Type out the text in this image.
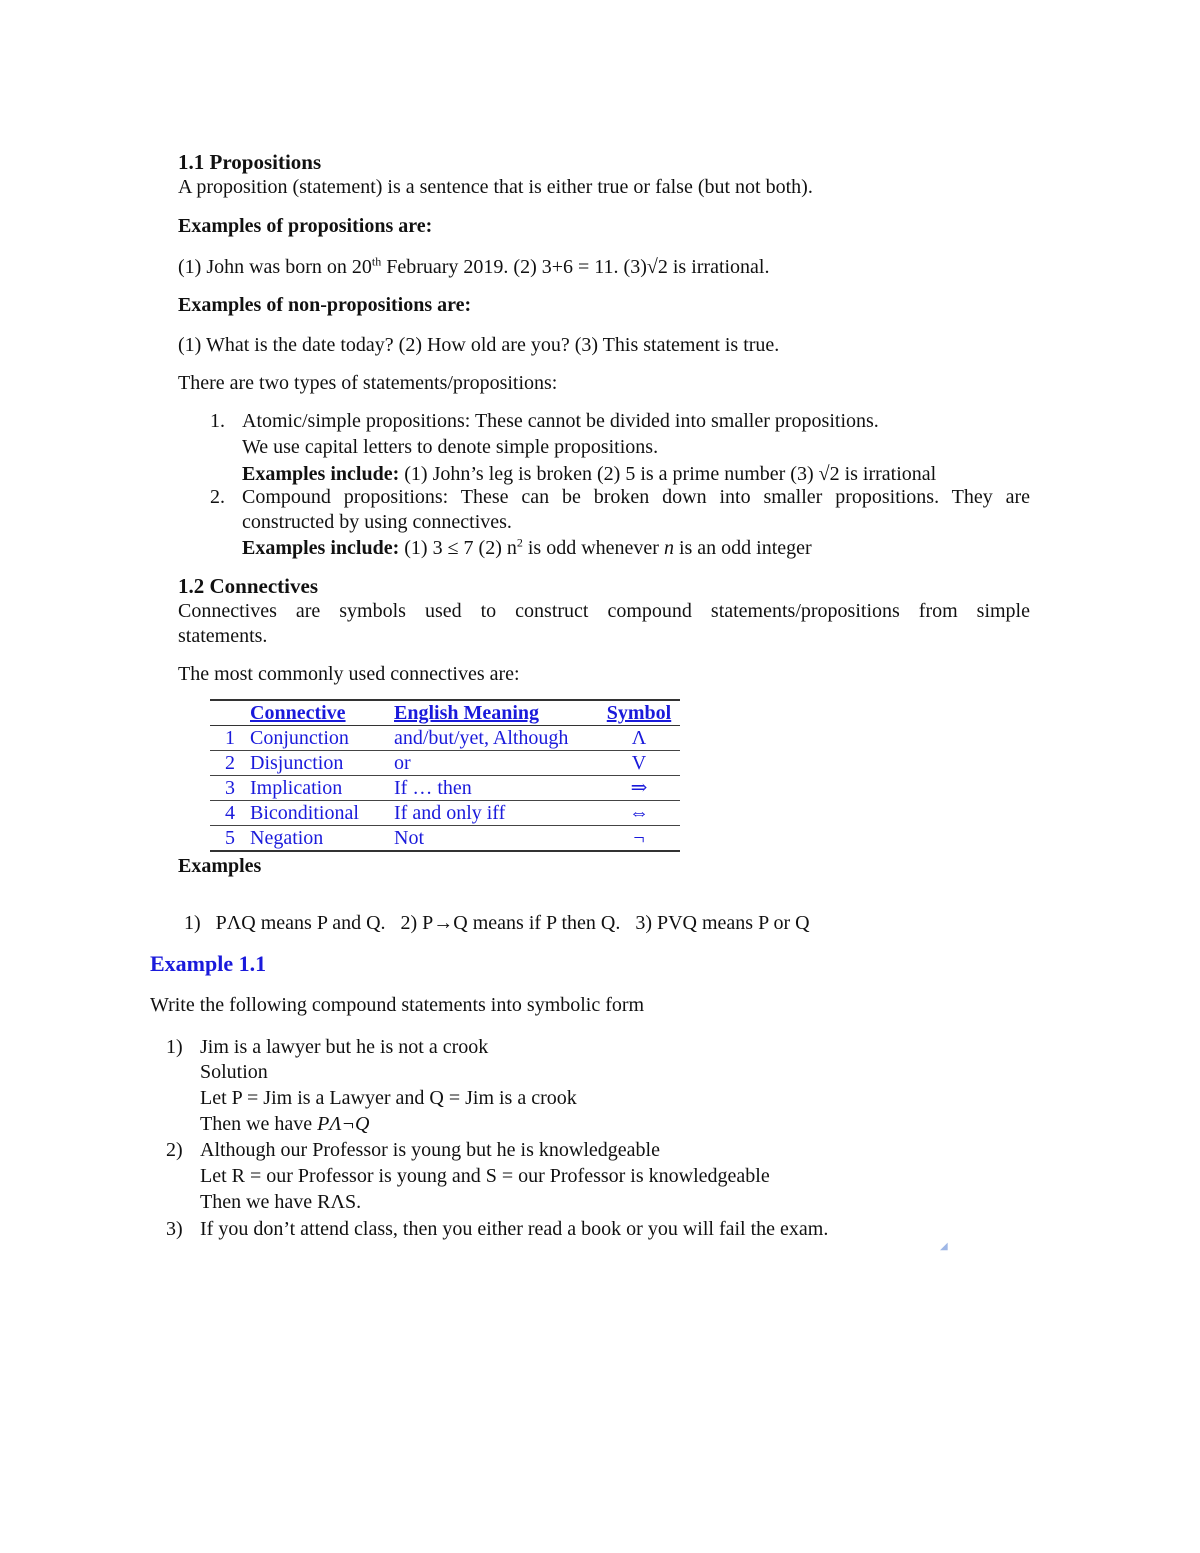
1.1 Propositions
A proposition (statement) is a sentence that is either true or false (but not both).
Examples of propositions are:
(1) John was born on 20th February 2019. (2) 3+6 = 11. (3)√2 is irrational.
Examples of non-propositions are:
(1) What is the date today? (2) How old are you? (3) This statement is true.
There are two types of statements/propositions:
1. Atomic/simple propositions: These cannot be divided into smaller propositions.
We use capital letters to denote simple propositions.
Examples include: (1) John’s leg is broken (2) 5 is a prime number (3) √2 is irrational
2. Compound propositions: These can be broken down into smaller propositions. They are
constructed by using connectives.
Examples include: (1) 3 ≤ 7 (2) $n^2$ is odd whenever n is an odd integer
1.2 Connectives
Connectives are symbols used to construct compound statements/propositions from simple
statements.
The most commonly used connectives are:
	Connective	English Meaning	Symbol
1	Conjunction	and/but/yet, Although	Λ
2	Disjunction	or	V
3	Implication	If … then	⇒
4	Biconditional	If and only iff	⇔
5	Negation	Not	¬
Examples
1)   PΛQ means P and Q.   2) P→Q means if P then Q.   3) PVQ means P or Q
Example 1.1
Write the following compound statements into symbolic form
1) Jim is a lawyer but he is not a crook
Solution
Let P = Jim is a Lawyer and Q = Jim is a crook
Then we have PΛ¬Q
2) Although our Professor is young but he is knowledgeable
Let R = our Professor is young and S = our Professor is knowledgeable
Then we have RΛS.
3) If you don’t attend class, then you either read a book or you will fail the exam.
◢
